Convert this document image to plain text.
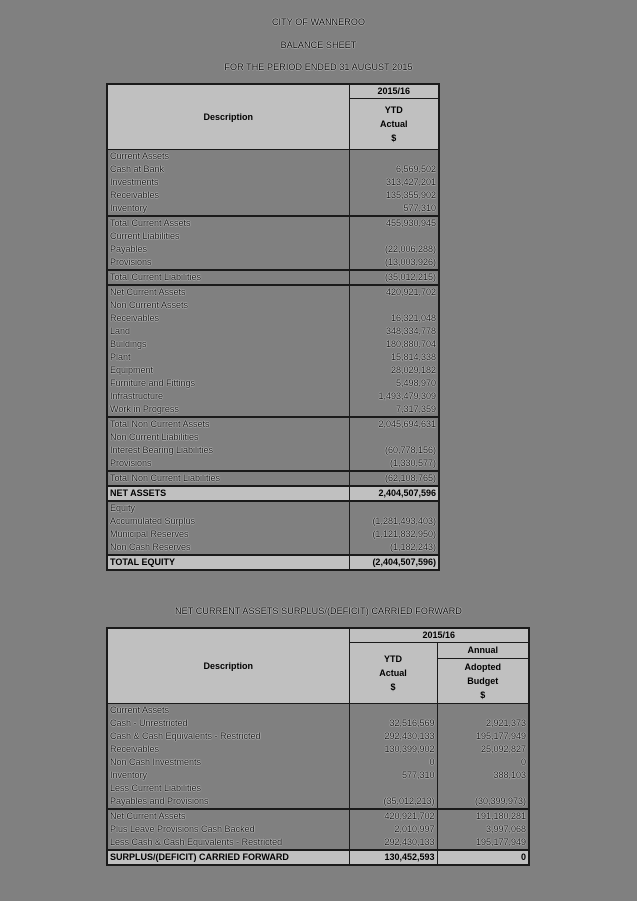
CITY OF WANNEROO
BALANCE SHEET
FOR THE PERIOD ENDED 31 AUGUST 2015
Description	2015/16

	YTD
Actual
$

Current Assets	
Cash at Bank	6,569,502
Investments	313,427,201
Receivables	135,355,902
Inventory	577,310
Total Current Assets	455,930,945
Current Liabilities	
Payables	(22,006,288)
Provisions	(13,003,926)
Total Current Liabilities	(35,012,215)
Net Current Assets	420,921,702
Non Current Assets	
Receivables	16,321,048
Land	348,334,778
Buildings	180,880,704
Plant	15,814,338
Equipment	28,029,182
Furniture and Fittings	5,498,970
Infrastructure	1,493,479,309
Work in Progress	7,317,359
Total Non Current Assets	2,045,694,631
Non Current Liabilities	
Interest Bearing Liabilities	(60,778,156)
Provisions	(1,330,577)
Total Non Current Liabilities	(62,108,765)
NET ASSETS	2,404,507,596
Equity	
Accumulated Surplus	(1,281,493,403)
Municipal Reserves	(1,121,832,950)
Non Cash Reserves	(1,182,243)
TOTAL EQUITY	(2,404,507,596)
NET CURRENT ASSETS SURPLUS/(DEFICIT) CARRIED FORWARD
Description	2015/16	

	YTD
Actual
$	Annual

		Adopted
Budget
$

Current Assets		
Cash - Unrestricted	32,516,569	2,921,373
Cash & Cash Equivalents - Restricted	292,430,133	195,177,949
Receivables	130,399,902	25,092,827
Non Cash Investments	0	0
Inventory	577,310	388,103
Less Current Liabilities		
Payables and Provisions	(35,012,213)	(30,399,973)
Net Current Assets	420,921,702	191,180,281
Plus Leave Provisions Cash Backed	2,010,997	3,997,068
Less Cash & Cash Equivalents - Restricted	292,430,133	195,177,949
SURPLUS/(DEFICIT) CARRIED FORWARD	130,452,593	0
